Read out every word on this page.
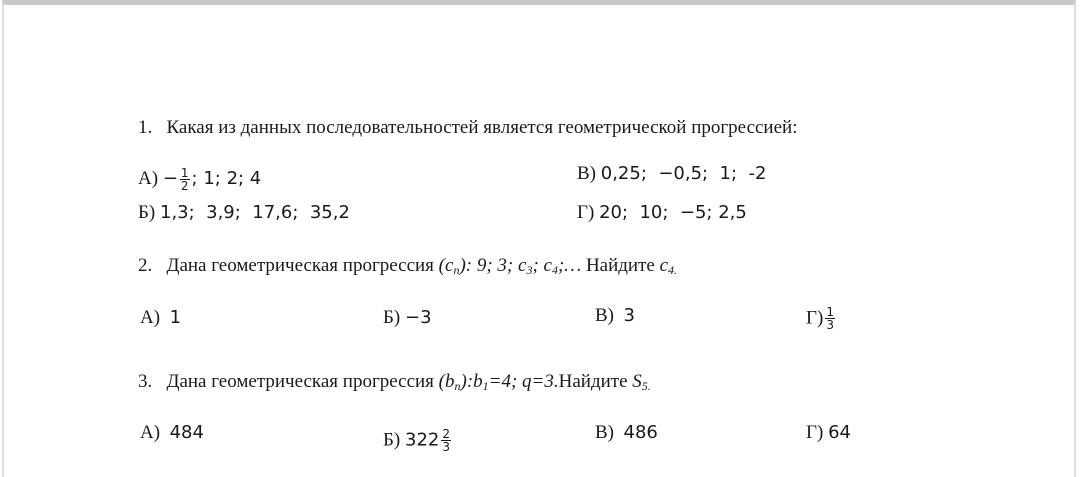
1. Какая из данных последовательностей является геометрической прогрессией:
$А) - \frac{1}{2}$ ; 1; 2; 4
Б) 1,3;  3,9;  17,6;  35,2
В) 0,25;  −0,5;  1;  -2
Г) 20;  10;  −5; 2,5
2. Дана геометрическая прогрессия $(c_n)$: 9; 3; $c_3$; $c_4;\dots$ Найдите $c_{4.}$
А) 1	Б) −3	В) 3	$Г) \frac{1}{3}$
3. Дана геометрическая прогрессия $(b_n):b_1=4$; q=3.Найдите $S_{5.}$
А) 484	Б) $322 \frac{2}{3}$	В) 486	Г) 64
